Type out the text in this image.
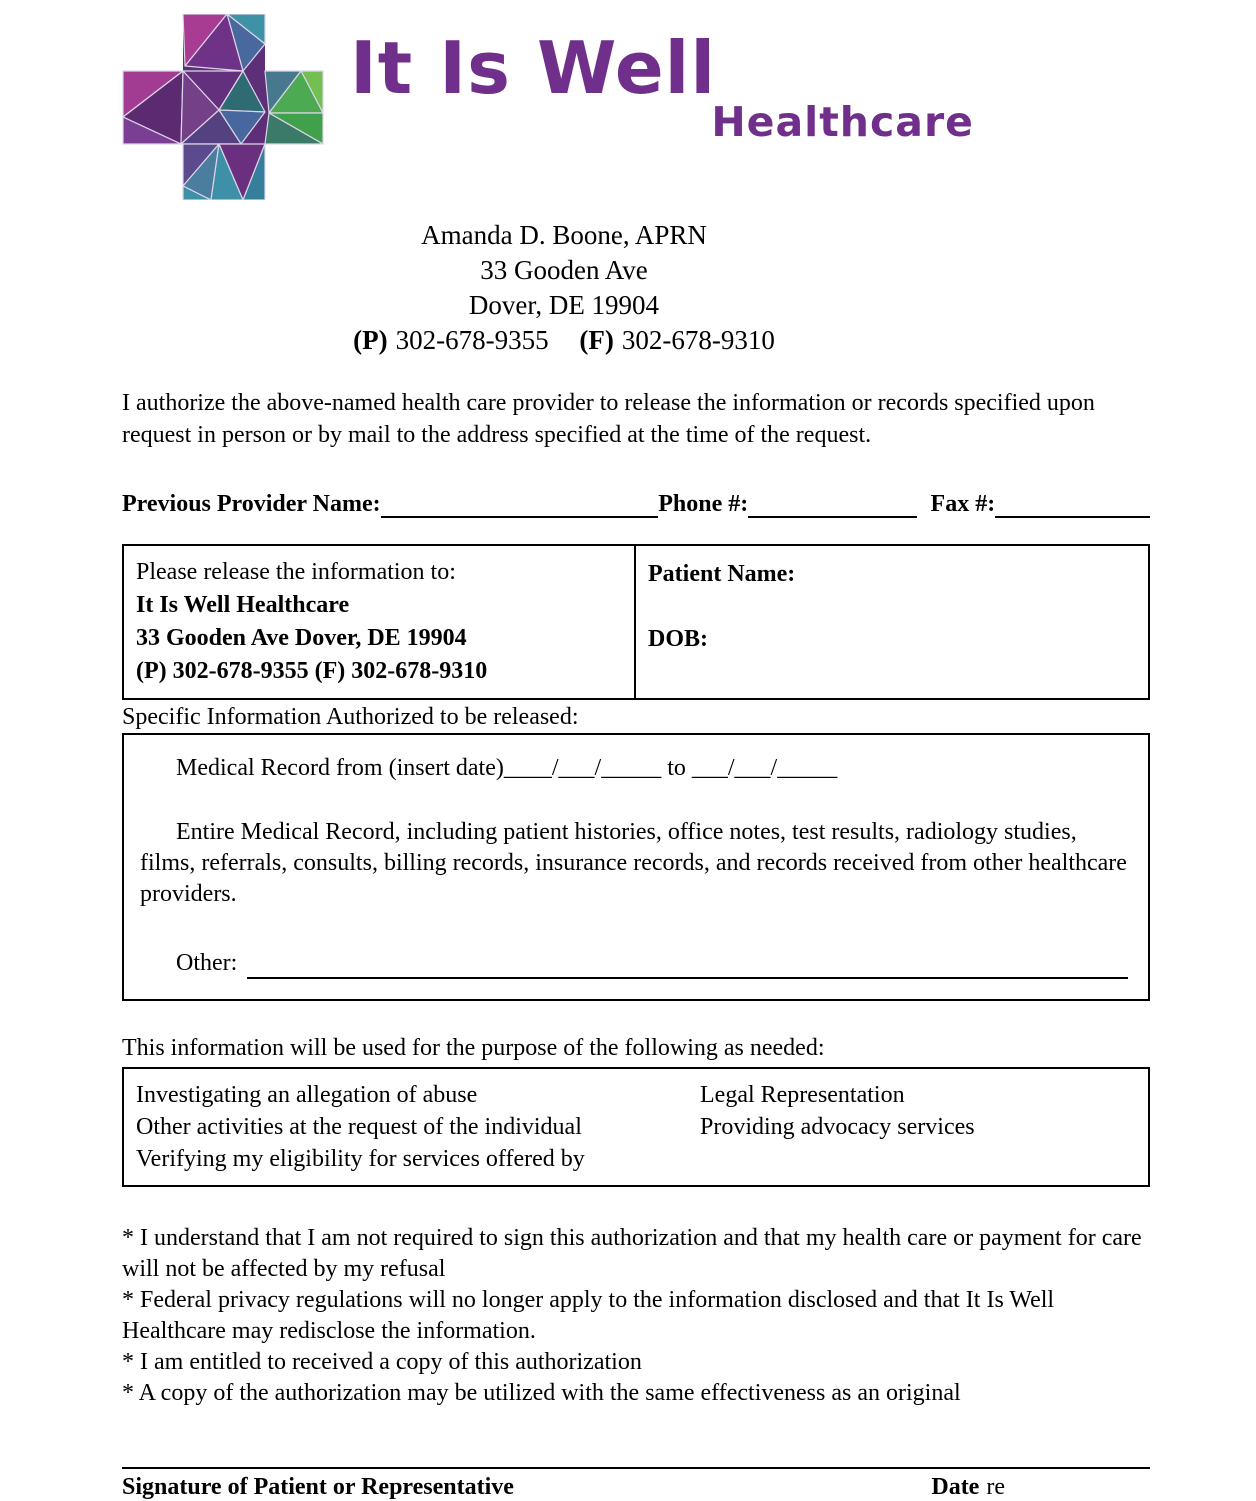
It Is Well
Healthcare
Amanda D. Boone, APRN
33 Gooden Ave
Dover, DE 19904
(P) 302-678-9355 (F) 302-678-9310

I authorize the above-named health care provider to release the information or records specified upon request in person or by mail to the address specified at the time of the request.

Previous Provider Name:	Phone #:	Fax #:
Please release the information to:
It Is Well Healthcare
33 Gooden Ave Dover, DE 19904
(P) 302-678-9355 (F) 302-678-9310
Patient Name:
DOB:
Specific Information Authorized to be released:
Medical Record from (insert date)____/___/_____ to ___/___/_____

Entire Medical Record, including patient histories, office notes, test results, radiology studies, films, referrals, consults, billing records, insurance records, and records received from other healthcare providers.

Other:
This information will be used for the purpose of the following as needed:
Investigating an allegation of abuse
Other activities at the request of the individual
Verifying my eligibility for services offered by
Legal Representation
Providing advocacy services
* I understand that I am not required to sign this authorization and that my health care or payment for care will not be affected by my refusal
* Federal privacy regulations will no longer apply to the information disclosed and that It Is Well Healthcare may redisclose the information.
* I am entitled to received a copy of this authorization
* A copy of the authorization may be utilized with the same effectiveness as an original
Signature of Patient or Representative	Date re
